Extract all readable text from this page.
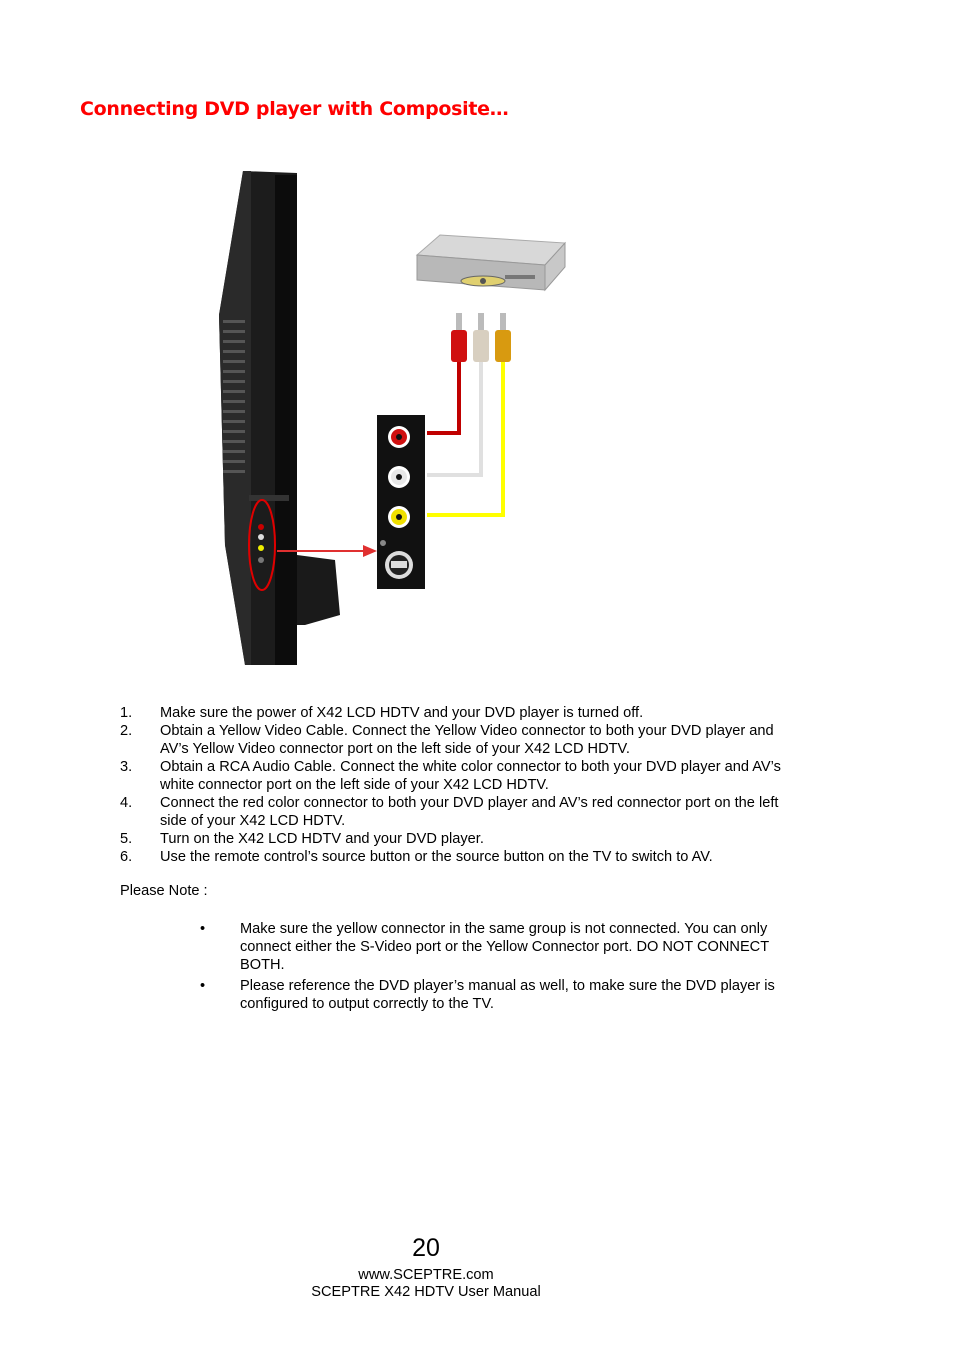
Connecting DVD player with Composite…
1. Make sure the power of X42 LCD HDTV and your DVD player is turned off.
2. Obtain a Yellow Video Cable. Connect the Yellow Video connector to both your DVD player and AV’s Yellow Video connector port on the left side of your X42 LCD HDTV.
3. Obtain a RCA Audio Cable. Connect the white color connector to both your DVD player and AV’s white connector port on the left side of your X42 LCD HDTV.
4. Connect the red color connector to both your DVD player and AV’s red connector port on the left side of your X42 LCD HDTV.
5. Turn on the X42 LCD HDTV and your DVD player.
6. Use the remote control’s source button or the source button on the TV to switch to AV.
Please Note :
• Make sure the yellow connector in the same group is not connected. You can only connect either the S-Video port or the Yellow Connector port. DO NOT CONNECT BOTH.
• Please reference the DVD player’s manual as well, to make sure the DVD player is configured to output correctly to the TV.
20
www.SCEPTRE.com
SCEPTRE X42 HDTV User Manual
